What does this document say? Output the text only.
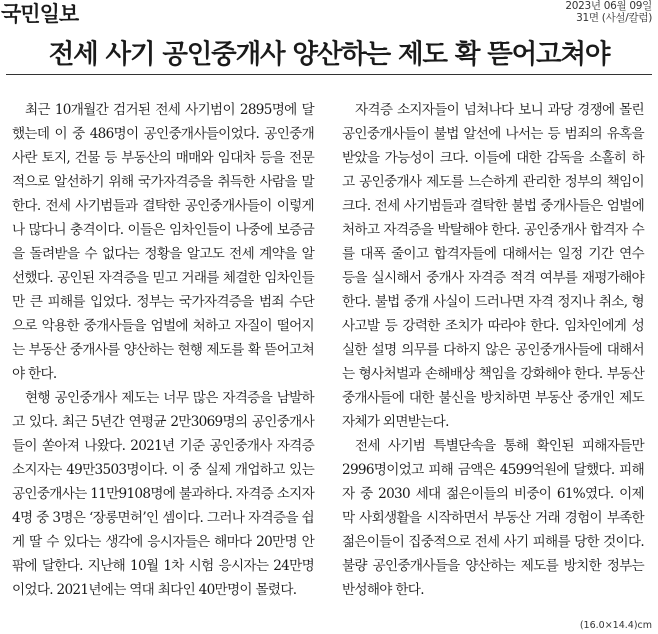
국민일보	2023년 06월 09일
31면 (사설/칼럼)
전세 사기 공인중개사 양산하는 제도 확 뜯어고쳐야

최근 10개월간 검거된 전세 사기범이 2895명에 달했는데 이 중 486명이 공인중개사들이었다. 공인중개사란 토지, 건물 등 부동산의 매매와 임대차 등을 전문적으로 알선하기 위해 국가자격증을 취득한 사람을 말한다. 전세 사기범들과 결탁한 공인중개사들이 이렇게나 많다니 충격이다. 이들은 임차인들이 나중에 보증금을 돌려받을 수 없다는 정황을 알고도 전세 계약을 알선했다. 공인된 자격증을 믿고 거래를 체결한 임차인들만 큰 피해를 입었다. 정부는 국가자격증을 범죄 수단으로 악용한 중개사들을 엄벌에 처하고 자질이 떨어지는 부동산 중개사를 양산하는 현행 제도를 확 뜯어고쳐야 한다.

현행 공인중개사 제도는 너무 많은 자격증을 남발하고 있다. 최근 5년간 연평균 2만3069명의 공인중개사들이 쏟아져 나왔다. 2021년 기준 공인중개사 자격증 소지자는 49만3503명이다. 이 중 실제 개업하고 있는 공인중개사는 11만9108명에 불과하다. 자격증 소지자 4명 중 3명은 ‘장롱면허’인 셈이다. 그러나 자격증을 쉽게 딸 수 있다는 생각에 응시자들은 해마다 20만명 안팎에 달한다. 지난해 10월 1차 시험 응시자는 24만명이었다. 2021년에는 역대 최다인 40만명이 몰렸다.

자격증 소지자들이 넘쳐나다 보니 과당 경쟁에 몰린 공인중개사들이 불법 알선에 나서는 등 범죄의 유혹을 받았을 가능성이 크다. 이들에 대한 감독을 소홀히 하고 공인중개사 제도를 느슨하게 관리한 정부의 책임이 크다. 전세 사기범들과 결탁한 불법 중개사들은 엄벌에 처하고 자격증을 박탈해야 한다. 공인중개사 합격자 수를 대폭 줄이고 합격자들에 대해서는 일정 기간 연수 등을 실시해서 중개사 자격증 적격 여부를 재평가해야 한다. 불법 중개 사실이 드러나면 자격 정지나 취소, 형사고발 등 강력한 조치가 따라야 한다. 임차인에게 성실한 설명 의무를 다하지 않은 공인중개사들에 대해서는 형사처벌과 손해배상 책임을 강화해야 한다. 부동산 중개사들에 대한 불신을 방치하면 부동산 중개인 제도 자체가 외면받는다.

전세 사기범 특별단속을 통해 확인된 피해자들만 2996명이었고 피해 금액은 4599억원에 달했다. 피해자 중 2030 세대 젊은이들의 비중이 61%였다. 이제 막 사회생활을 시작하면서 부동산 거래 경험이 부족한 젊은이들이 집중적으로 전세 사기 피해를 당한 것이다. 불량 공인중개사들을 양산하는 제도를 방치한 정부는 반성해야 한다.

(16.0×14.4)cm
